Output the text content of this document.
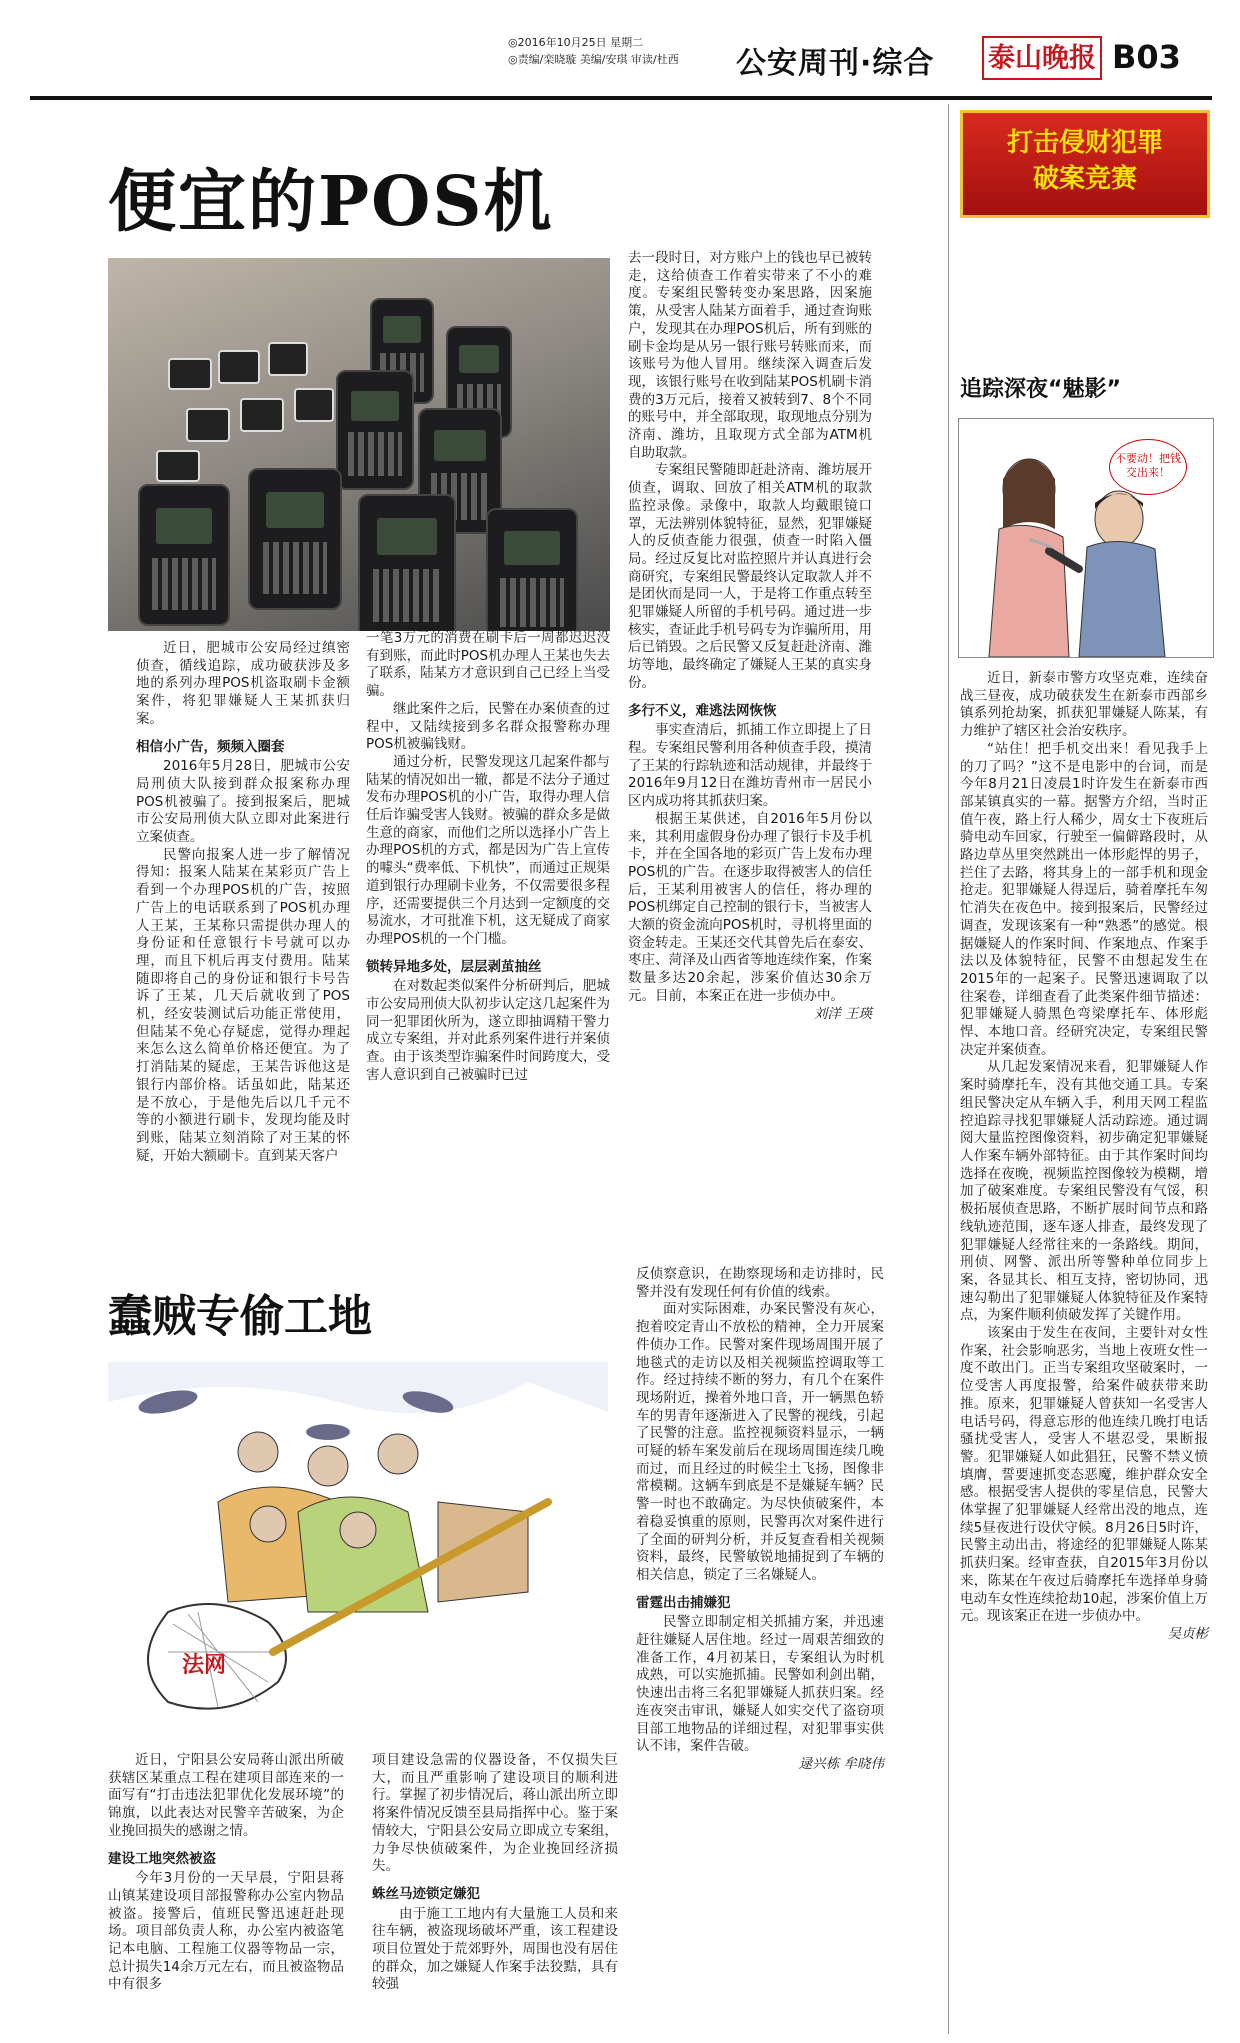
◎2016年10月25日 星期二
◎责编/栾晓璇 美编/安琪 审读/杜西	公安周刊·综合 泰山晚报 B03
便宜的POS机

近日，肥城市公安局经过缜密侦查，循线追踪，成功破获涉及多地的系列办理POS机盗取刷卡金额案件，将犯罪嫌疑人王某抓获归案。

相信小广告，频频入圈套

2016年5月28日，肥城市公安局刑侦大队接到群众报案称办理POS机被骗了。接到报案后，肥城市公安局刑侦大队立即对此案进行立案侦查。

民警向报案人进一步了解情况得知：报案人陆某在某彩页广告上看到一个办理POS机的广告，按照广告上的电话联系到了POS机办理人王某，王某称只需提供办理人的身份证和任意银行卡号就可以办理，而且下机后再支付费用。陆某随即将自己的身份证和银行卡号告诉了王某，几天后就收到了POS机，经安装测试后功能正常使用，但陆某不免心存疑虑，觉得办理起来怎么这么简单价格还便宜。为了打消陆某的疑虑，王某告诉他这是银行内部价格。话虽如此，陆某还是不放心，于是他先后以几千元不等的小额进行刷卡，发现均能及时到账，陆某立刻消除了对王某的怀疑，开始大额刷卡。直到某天客户

一笔3万元的消费在刷卡后一周都迟迟没有到账，而此时POS机办理人王某也失去了联系，陆某方才意识到自己已经上当受骗。

继此案件之后，民警在办案侦查的过程中，又陆续接到多名群众报警称办理POS机被骗钱财。

通过分析，民警发现这几起案件都与陆某的情况如出一辙，都是不法分子通过发布办理POS机的小广告，取得办理人信任后诈骗受害人钱财。被骗的群众多是做生意的商家，而他们之所以选择小广告上办理POS机的方式，都是因为广告上宣传的噱头“费率低、下机快”，而通过正规渠道到银行办理刷卡业务，不仅需要很多程序，还需要提供三个月达到一定额度的交易流水，才可批准下机，这无疑成了商家办理POS机的一个门槛。

锁转异地多处，层层剥茧抽丝

在对数起类似案件分析研判后，肥城市公安局刑侦大队初步认定这几起案件为同一犯罪团伙所为，遂立即抽调精干警力成立专案组，并对此系列案件进行并案侦查。由于该类型诈骗案件时间跨度大，受害人意识到自己被骗时已过

去一段时日，对方账户上的钱也早已被转走，这给侦查工作着实带来了不小的难度。专案组民警转变办案思路，因案施策，从受害人陆某方面着手，通过查询账户，发现其在办理POS机后，所有到账的刷卡金均是从另一银行账号转账而来，而该账号为他人冒用。继续深入调查后发现，该银行账号在收到陆某POS机刷卡消费的3万元后，接着又被转到7、8个不同的账号中，并全部取现，取现地点分别为济南、潍坊，且取现方式全部为ATM机自助取款。

专案组民警随即赶赴济南、潍坊展开侦查，调取、回放了相关ATM机的取款监控录像。录像中，取款人均戴眼镜口罩，无法辨别体貌特征，显然，犯罪嫌疑人的反侦查能力很强，侦查一时陷入僵局。经过反复比对监控照片并认真进行会商研究，专案组民警最终认定取款人并不是团伙而是同一人，于是将工作重点转至犯罪嫌疑人所留的手机号码。通过进一步核实，查证此手机号码专为诈骗所用，用后已销毁。之后民警又反复赶赴济南、潍坊等地，最终确定了嫌疑人王某的真实身份。

多行不义，难逃法网恢恢

事实查清后，抓捕工作立即提上了日程。专案组民警利用各种侦查手段，摸清了王某的行踪轨迹和活动规律，并最终于2016年9月12日在潍坊青州市一居民小区内成功将其抓获归案。

根据王某供述，自2016年5月份以来，其利用虚假身份办理了银行卡及手机卡，并在全国各地的彩页广告上发布办理POS机的广告。在逐步取得被害人的信任后，王某利用被害人的信任，将办理的POS机绑定自己控制的银行卡，当被害人大额的资金流向POS机时，寻机将里面的资金转走。王某还交代其曾先后在泰安、枣庄、菏泽及山西省等地连续作案，作案数量多达20余起，涉案价值达30余万元。目前，本案正在进一步侦办中。

刘洋 王瑛

打击侵财犯罪
破案竞赛
追踪深夜“魅影”
不要动！把钱交出来！

近日，新泰市警方攻坚克难，连续奋战三昼夜，成功破获发生在新泰市西部乡镇系列抢劫案，抓获犯罪嫌疑人陈某，有力维护了辖区社会治安秩序。

“站住！把手机交出来！看见我手上的刀了吗？”这不是电影中的台词，而是今年8月21日凌晨1时许发生在新泰市西部某镇真实的一幕。据警方介绍，当时正值午夜，路上行人稀少，周女士下夜班后骑电动车回家，行驶至一偏僻路段时，从路边草丛里突然跳出一体形彪悍的男子，拦住了去路，将其身上的一部手机和现金抢走。犯罪嫌疑人得逞后，骑着摩托车匆忙消失在夜色中。接到报案后，民警经过调查，发现该案有一种“熟悉”的感觉。根据嫌疑人的作案时间、作案地点、作案手法以及体貌特征，民警不由想起发生在2015年的一起案子。民警迅速调取了以往案卷，详细查看了此类案件细节描述：犯罪嫌疑人骑黑色弯梁摩托车、体形彪悍、本地口音。经研究决定，专案组民警决定并案侦查。

从几起发案情况来看，犯罪嫌疑人作案时骑摩托车，没有其他交通工具。专案组民警决定从车辆入手，利用天网工程监控追踪寻找犯罪嫌疑人活动踪迹。通过调阅大量监控图像资料，初步确定犯罪嫌疑人作案车辆外部特征。由于其作案时间均选择在夜晚，视频监控图像较为模糊，增加了破案难度。专案组民警没有气馁，积极拓展侦查思路，不断扩展时间节点和路线轨迹范围，逐车逐人排查，最终发现了犯罪嫌疑人经常往来的一条路线。期间，刑侦、网警、派出所等警种单位同步上案，各显其长、相互支持，密切协同，迅速勾勒出了犯罪嫌疑人体貌特征及作案特点，为案件顺利侦破发挥了关键作用。

该案由于发生在夜间，主要针对女性作案，社会影响恶劣，当地上夜班女性一度不敢出门。正当专案组攻坚破案时，一位受害人再度报警，给案件破获带来助推。原来，犯罪嫌疑人曾获知一名受害人电话号码，得意忘形的他连续几晚打电话骚扰受害人，受害人不堪忍受，果断报警。犯罪嫌疑人如此猖狂，民警不禁义愤填膺，誓要速抓变态恶魔，维护群众安全感。根据受害人提供的零星信息，民警大体掌握了犯罪嫌疑人经常出没的地点，连续5昼夜进行设伏守候。8月26日5时许，民警主动出击，将途经的犯罪嫌疑人陈某抓获归案。经审查获，自2015年3月份以来，陈某在午夜过后骑摩托车选择单身骑电动车女性连续抢劫10起，涉案价值上万元。现该案正在进一步侦办中。

吴贞彬

蠢贼专偷工地
法网

近日，宁阳县公安局蒋山派出所破获辖区某重点工程在建项目部连来的一面写有“打击违法犯罪优化发展环境”的锦旗，以此表达对民警辛苦破案，为企业挽回损失的感谢之情。

建设工地突然被盗

今年3月份的一天早晨，宁阳县蒋山镇某建设项目部报警称办公室内物品被盗。接警后，值班民警迅速赶赴现场。项目部负责人称，办公室内被盗笔记本电脑、工程施工仪器等物品一宗，总计损失14余万元左右，而且被盗物品中有很多

项目建设急需的仪器设备，不仅损失巨大，而且严重影响了建设项目的顺利进行。掌握了初步情况后，蒋山派出所立即将案件情况反馈至县局指挥中心。鉴于案情较大，宁阳县公安局立即成立专案组，力争尽快侦破案件，为企业挽回经济损失。

蛛丝马迹锁定嫌犯

由于施工工地内有大量施工人员和来往车辆，被盗现场破坏严重，该工程建设项目位置处于荒郊野外，周围也没有居住的群众，加之嫌疑人作案手法狡黠，具有较强

反侦察意识，在勘察现场和走访排时，民警并没有发现任何有价值的线索。

面对实际困难，办案民警没有灰心，抱着咬定青山不放松的精神，全力开展案件侦办工作。民警对案件现场周围开展了地毯式的走访以及相关视频监控调取等工作。经过持续不断的努力，有几个在案件现场附近，操着外地口音，开一辆黑色轿车的男青年逐渐进入了民警的视线，引起了民警的注意。监控视频资料显示，一辆可疑的轿车案发前后在现场周围连续几晚而过，而且经过的时候尘土飞扬，图像非常模糊。这辆车到底是不是嫌疑车辆？民警一时也不敢确定。为尽快侦破案件，本着稳妥慎重的原则，民警再次对案件进行了全面的研判分析，并反复查看相关视频资料，最终，民警敏锐地捕捉到了车辆的相关信息，锁定了三名嫌疑人。

雷霆出击捕嫌犯

民警立即制定相关抓捕方案，并迅速赶往嫌疑人居住地。经过一周艰苦细致的准备工作，4月初某日，专案组认为时机成熟，可以实施抓捕。民警如利剑出鞘，快速出击将三名犯罪嫌疑人抓获归案。经连夜突击审讯，嫌疑人如实交代了盗窃项目部工地物品的详细过程，对犯罪事实供认不讳，案件告破。

逯兴栋 牟晓伟
